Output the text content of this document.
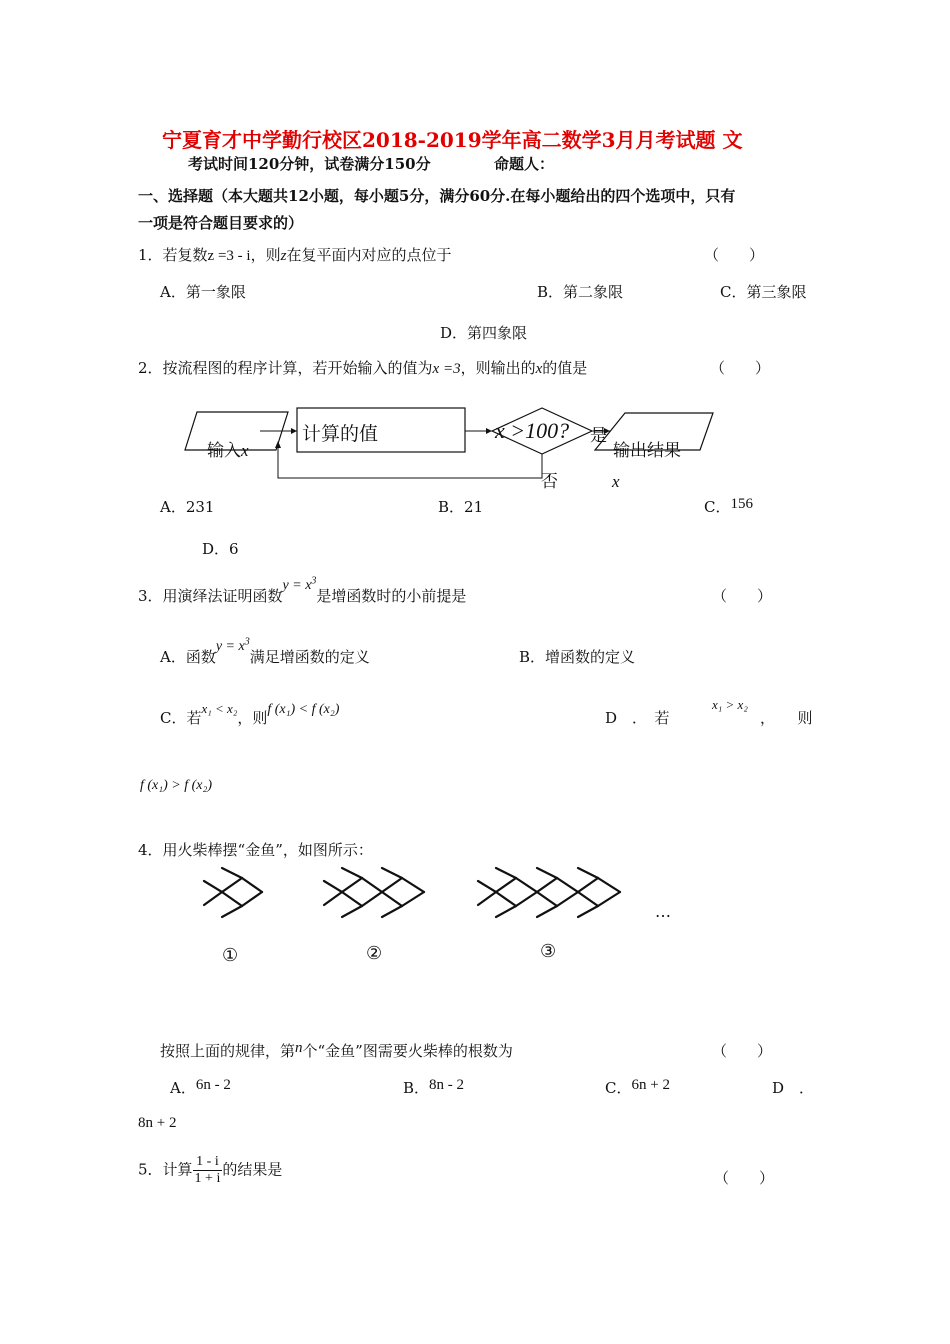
宁夏育才中学勤行校区2018-2019学年高二数学3月月考试题 文
考试时间120分钟，试卷满分150分	命题人：
一、选择题（本大题共12小题，每小题5分，满分60分.在每小题给出的四个选项中，只有
一项是符合题目要求的）
1．若复数z =3 - i，则z在复平面内对应的点位于	（　　）
A．第一象限	B．第二象限	C．第三象限
D．第四象限
2．按流程图的程序计算，若开始输入的值为x =3，则输出的x的值是	（　　）
输入x
计算的值	x >100? 是
否
输出结果
x
A．231	B．21	C．156
D．6
3．用演绎法证明函数$y = x^3$是增函数时的小前提是	（　　）
A．函数$y = x^3$满足增函数的定义	B．增函数的定义
C．若x₁ < x₂，则f (x₁) < f (x₂)	D　．　若
x₁ > x₂
，　　则
f (x₁) > f (x₂)
4．用火柴棒摆“金鱼”，如图所示：
…
①	②	③
按照上面的规律，第n个“金鱼”图需要火柴棒的根数为	（　　）
A．6n - 2	B．8n - 2	C．6n + 2	D　．
8n + 2
5．计算 $\frac{1 - i}{1 + i}$ 的结果是	（　　）
